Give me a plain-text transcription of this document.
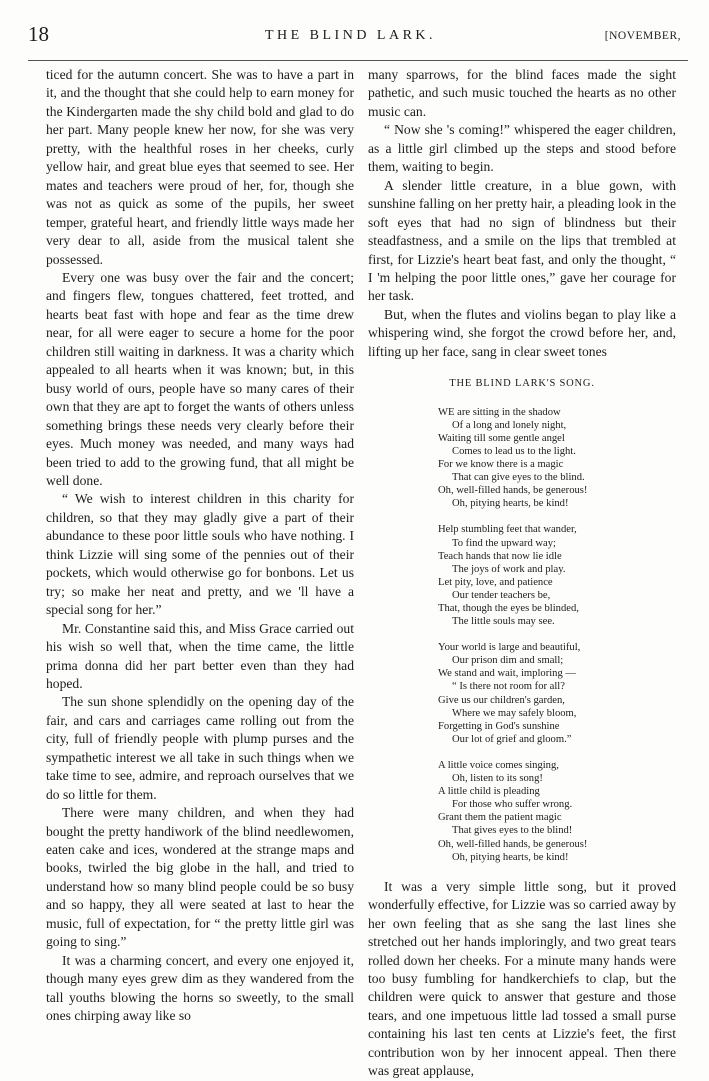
18	THE BLIND LARK.	[NOVEMBER,

ticed for the autumn concert. She was to have a part in it, and the thought that she could help to earn money for the Kindergarten made the shy child bold and glad to do her part. Many people knew her now, for she was very pretty, with the healthful roses in her cheeks, curly yellow hair, and great blue eyes that seemed to see. Her mates and teachers were proud of her, for, though she was not as quick as some of the pupils, her sweet temper, grateful heart, and friendly little ways made her very dear to all, aside from the musical talent she possessed.

Every one was busy over the fair and the concert; and fingers flew, tongues chattered, feet trotted, and hearts beat fast with hope and fear as the time drew near, for all were eager to secure a home for the poor children still waiting in darkness. It was a charity which appealed to all hearts when it was known; but, in this busy world of ours, people have so many cares of their own that they are apt to forget the wants of others unless something brings these needs very clearly before their eyes. Much money was needed, and many ways had been tried to add to the growing fund, that all might be well done.

“ We wish to interest children in this charity for children, so that they may gladly give a part of their abundance to these poor little souls who have nothing. I think Lizzie will sing some of the pennies out of their pockets, which would otherwise go for bonbons. Let us try; so make her neat and pretty, and we 'll have a special song for her.”

Mr. Constantine said this, and Miss Grace carried out his wish so well that, when the time came, the little prima donna did her part better even than they had hoped.

The sun shone splendidly on the opening day of the fair, and cars and carriages came rolling out from the city, full of friendly people with plump purses and the sympathetic interest we all take in such things when we take time to see, admire, and reproach ourselves that we do so little for them.

There were many children, and when they had bought the pretty handiwork of the blind needlewomen, eaten cake and ices, wondered at the strange maps and books, twirled the big globe in the hall, and tried to understand how so many blind people could be so busy and so happy, they all were seated at last to hear the music, full of expectation, for “ the pretty little girl was going to sing.”

It was a charming concert, and every one enjoyed it, though many eyes grew dim as they wandered from the tall youths blowing the horns so sweetly, to the small ones chirping away like so

many sparrows, for the blind faces made the sight pathetic, and such music touched the hearts as no other music can.

“ Now she 's coming!” whispered the eager children, as a little girl climbed up the steps and stood before them, waiting to begin.

A slender little creature, in a blue gown, with sunshine falling on her pretty hair, a pleading look in the soft eyes that had no sign of blindness but their steadfastness, and a smile on the lips that trembled at first, for Lizzie's heart beat fast, and only the thought, “ I 'm helping the poor little ones,” gave her courage for her task.

But, when the flutes and violins began to play like a whispering wind, she forgot the crowd before her, and, lifting up her face, sang in clear sweet tones

THE BLIND LARK'S SONG.
WE are sitting in the shadow
Of a long and lonely night,
Waiting till some gentle angel
Comes to lead us to the light.
For we know there is a magic
That can give eyes to the blind.
Oh, well-filled hands, be generous!
Oh, pitying hearts, be kind!
Help stumbling feet that wander,
To find the upward way;
Teach hands that now lie idle
The joys of work and play.
Let pity, love, and patience
Our tender teachers be,
That, though the eyes be blinded,
The little souls may see.
Your world is large and beautiful,
Our prison dim and small;
We stand and wait, imploring —
“ Is there not room for all?
Give us our children's garden,
Where we may safely bloom,
Forgetting in God's sunshine
Our lot of grief and gloom.”
A little voice comes singing,
Oh, listen to its song!
A little child is pleading
For those who suffer wrong.
Grant them the patient magic
That gives eyes to the blind!
Oh, well-filled hands, be generous!
Oh, pitying hearts, be kind!

It was a very simple little song, but it proved wonderfully effective, for Lizzie was so carried away by her own feeling that as she sang the last lines she stretched out her hands imploringly, and two great tears rolled down her cheeks. For a minute many hands were too busy fumbling for handkerchiefs to clap, but the children were quick to answer that gesture and those tears, and one impetuous little lad tossed a small purse containing his last ten cents at Lizzie's feet, the first contribution won by her innocent appeal. Then there was great applause,
